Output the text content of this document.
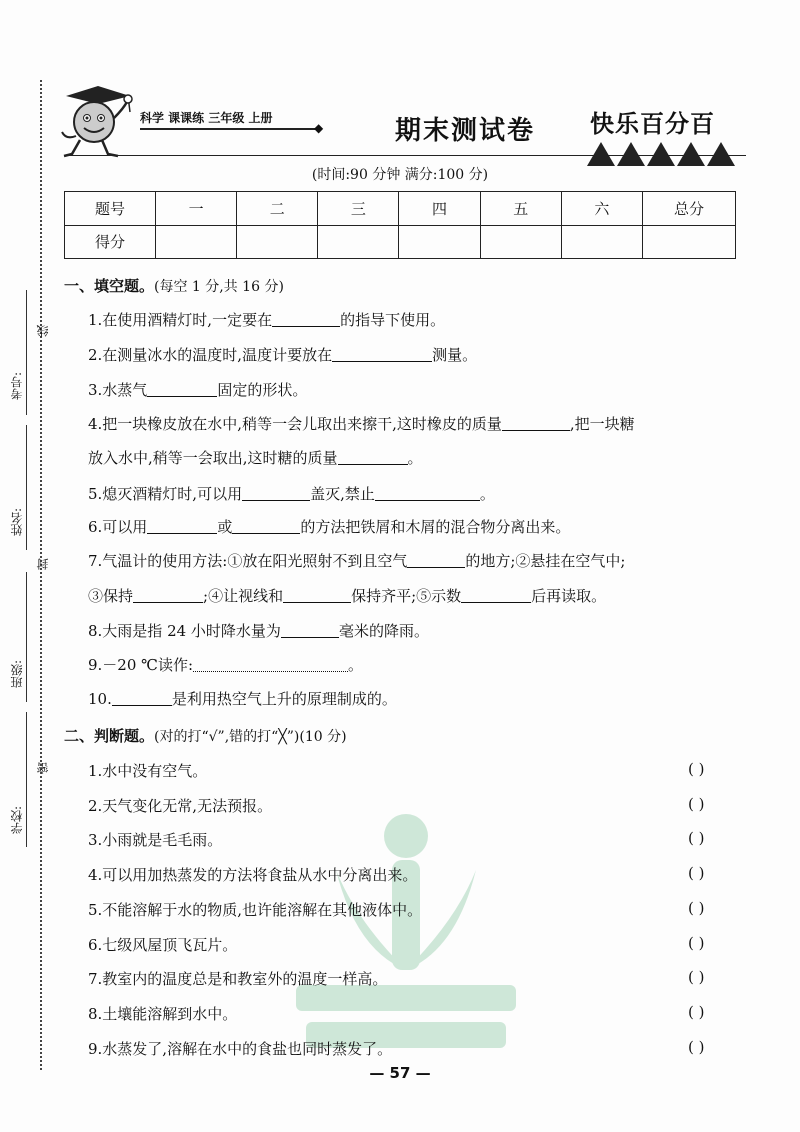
考号:
姓名:
班级:
学校:
线
封
密
科学 课课练 三年级 上册
◆	期末测试卷 快乐百分百
(时间:90 分钟 满分:100 分)
题号	一	二	三	四	五	六	总分
得分							
一、填空题。(每空 1 分,共 16 分)
1.在使用酒精灯时,一定要在	的指导下使用。
2.在测量冰水的温度时,温度计要放在	测量。
3.水蒸气	固定的形状。
4.把一块橡皮放在水中,稍等一会儿取出来擦干,这时橡皮的质量	,把一块糖
放入水中,稍等一会取出,这时糖的质量	。
5.熄灭酒精灯时,可以用	盖灭,禁止	。
6.可以用	或	的方法把铁屑和木屑的混合物分离出来。
7.气温计的使用方法:①放在阳光照射不到且空气	的地方;②悬挂在空气中;
③保持	;④让视线和	保持齐平;⑤示数	后再读取。
8.大雨是指 24 小时降水量为	毫米的降雨。
9.－20 ℃读作:	。
10.	是利用热空气上升的原理制成的。
二、判断题。(对的打“√”,错的打“╳”)(10 分)
1.水中没有空气。	( )
2.天气变化无常,无法预报。	( )
3.小雨就是毛毛雨。	( )
4.可以用加热蒸发的方法将食盐从水中分离出来。	( )
5.不能溶解于水的物质,也许能溶解在其他液体中。	( )
6.七级风屋顶飞瓦片。	( )
7.教室内的温度总是和教室外的温度一样高。	( )
8.土壤能溶解到水中。	( )
9.水蒸发了,溶解在水中的食盐也同时蒸发了。	( )
— 57 —
